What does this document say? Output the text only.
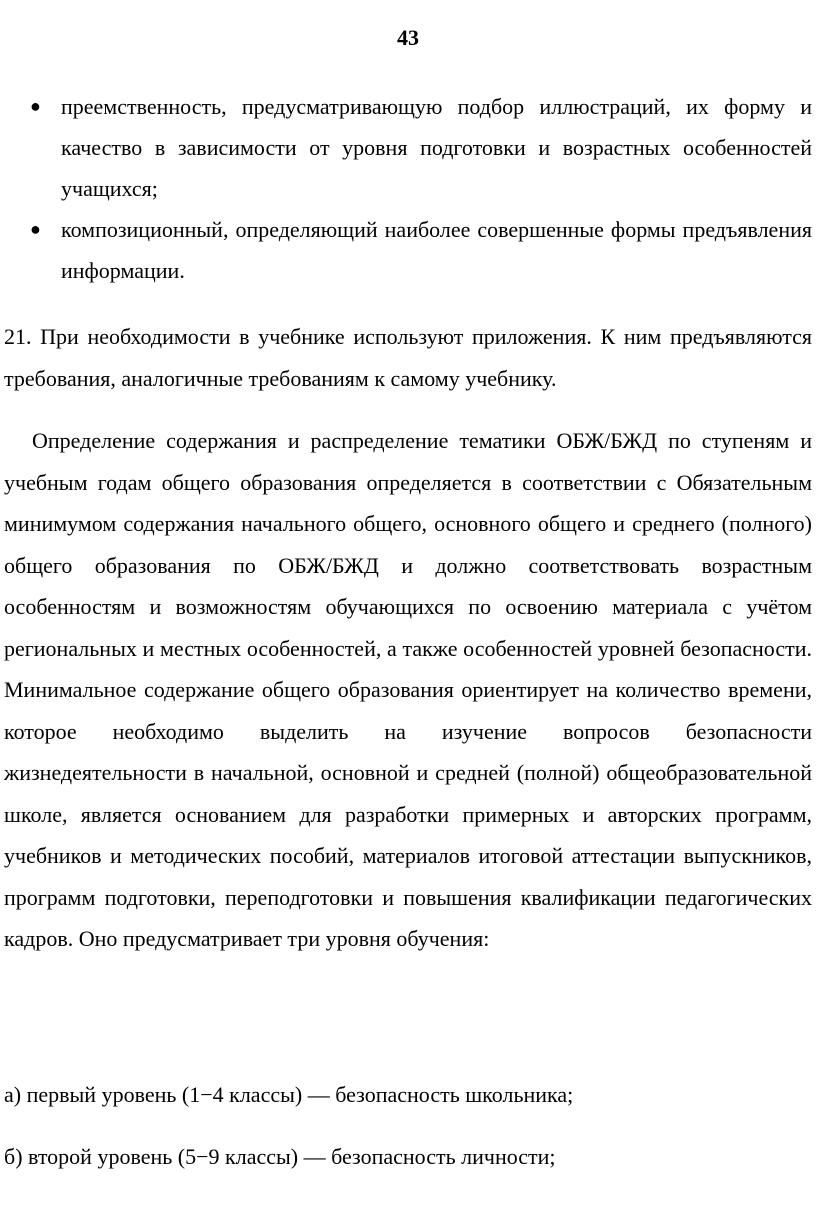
43
● преемственность, предусматривающую подбор иллюстраций, их форму и качество в зависимости от уровня подготовки и возрастных особенностей учащихся;
● композиционный, определяющий наиболее совершенные формы предъявления информации.

21. При необходимости в учебнике используют приложения. К ним предъявляются требования, аналогичные требованиям к самому учебнику.

Определение содержания и распределение тематики ОБЖ/БЖД по ступеням и учебным годам общего образования определяется в соответствии с Обязательным минимумом содержания начального общего, основного общего и среднего (полного) общего образования по ОБЖ/БЖД и должно соответствовать возрастным особенностям и возможностям обучающихся по освоению материала с учётом региональных и местных особенностей, а также особенностей уровней безопасности. Минимальное содержание общего образования ориентирует на количество времени, которое необходимо выделить на изучение вопросов безопасности жизнедеятельности в начальной, основной и средней (полной) общеобразовательной школе, является основанием для разработки примерных и авторских программ, учебников и методических пособий, материалов итоговой аттестации выпускников, программ подготовки, переподготовки и повышения квалификации педагогических кадров. Оно предусматривает три уровня обучения:

а) первый уровень (1−4 классы) — безопасность школьника;

б) второй уровень (5−9 классы) — безопасность личности;
